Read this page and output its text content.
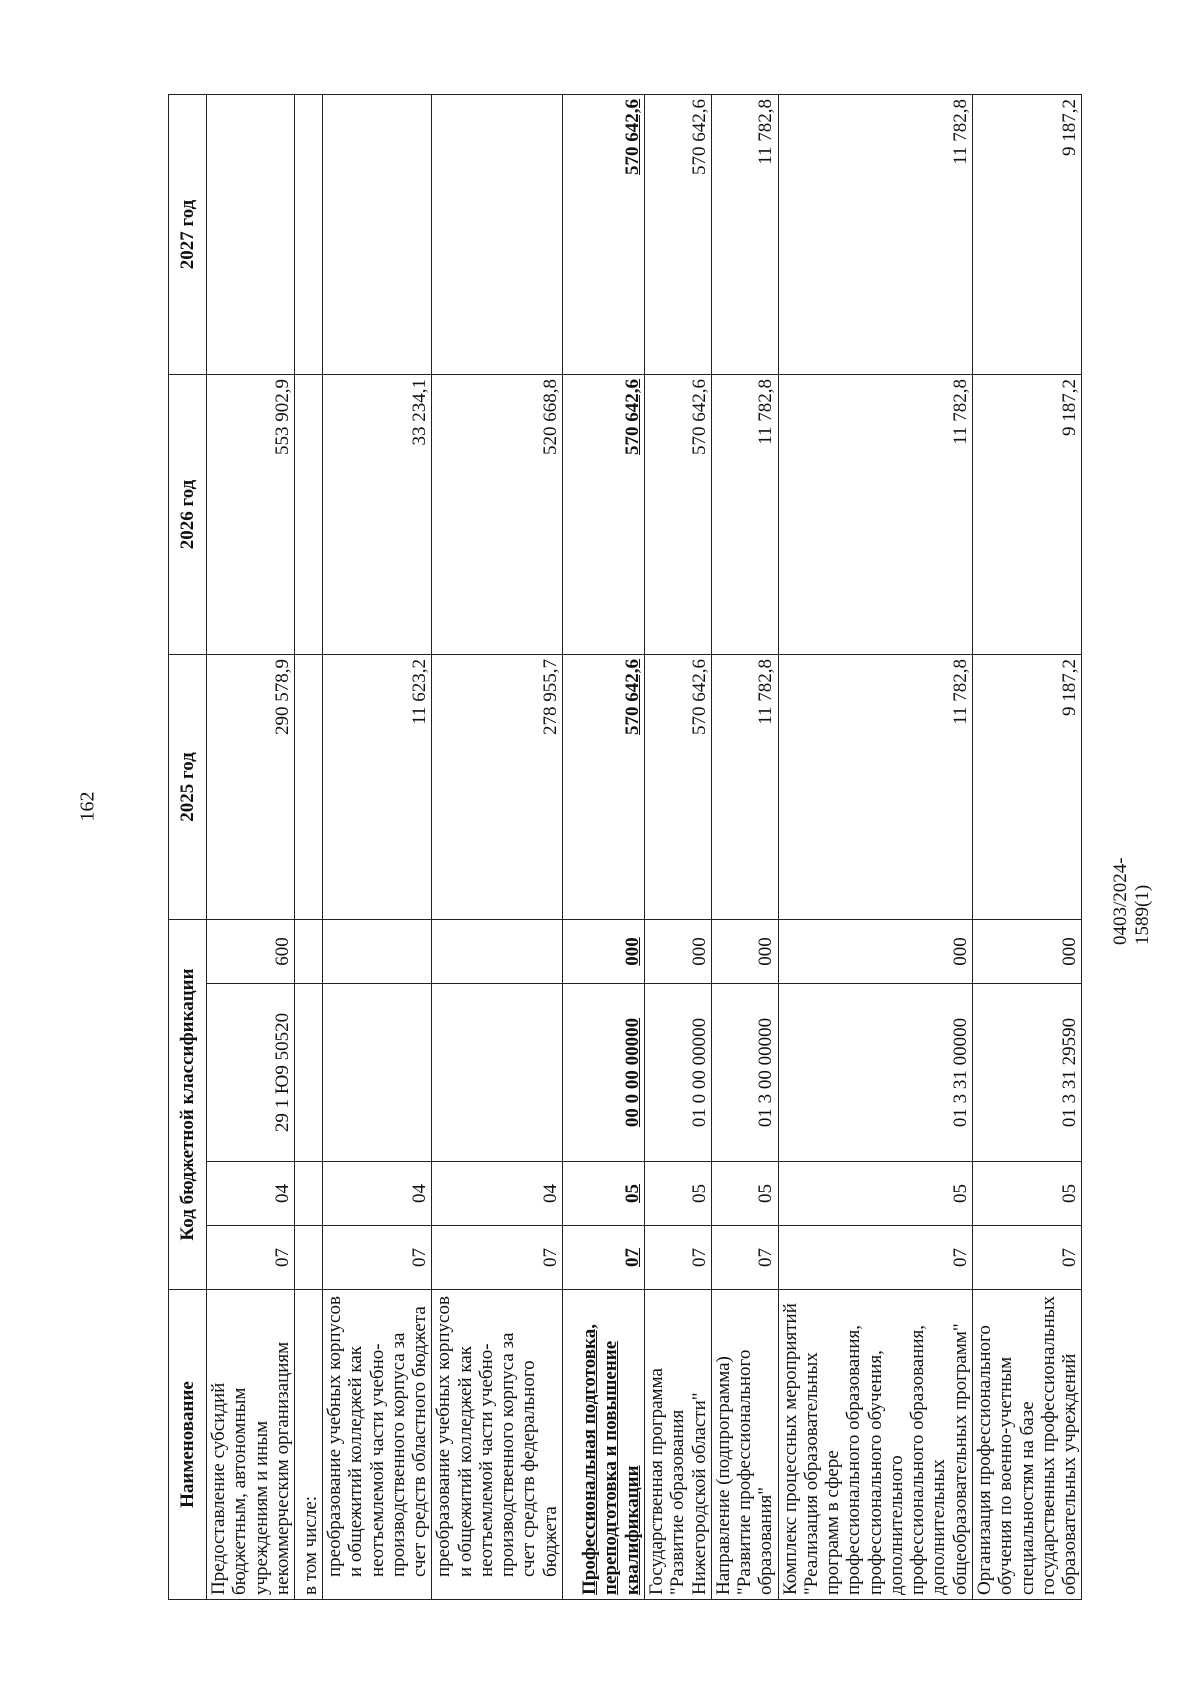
162
Наименование	Код бюджетной классификации				2025 год	2026 год	2027 год
Предоставление субсидий бюджетным, автономным учреждениям и иным некоммерческим организациям	07	04	29 1 Ю9 50520	600	290 578,9	553 902,9	
в том числе:							
преобразование учебных корпусов и общежитий колледжей как неотъемлемой части учебно-производственного корпуса за счет средств областного бюджета	07	04			11 623,2	33 234,1	
преобразование учебных корпусов и общежитий колледжей как неотъемлемой части учебно-производственного корпуса за счет средств федерального бюджета	07	04			278 955,7	520 668,8	
Профессиональная подготовка, переподготовка и повышение квалификации	07	05	00 0 00 00000	000	570 642,6	570 642,6	570 642,6
Государственная программа "Развитие образования Нижегородской области"	07	05	01 0 00 00000	000	570 642,6	570 642,6	570 642,6
Направление (подпрограмма) "Развитие профессионального образования"	07	05	01 3 00 00000	000	11 782,8	11 782,8	11 782,8
Комплекс процессных мероприятий "Реализация образовательных программ в сфере профессионального образования, профессионального обучения, дополнительного профессионального образования, дополнительных общеобразовательных программ"	07	05	01 3 31 00000	000	11 782,8	11 782,8	11 782,8
Организация профессионального обучения по военно-учетным специальностям на базе государственных профессиональных образовательных учреждений	07	05	01 3 31 29590	000	9 187,2	9 187,2	9 187,2
0403/2024-1589(1)
